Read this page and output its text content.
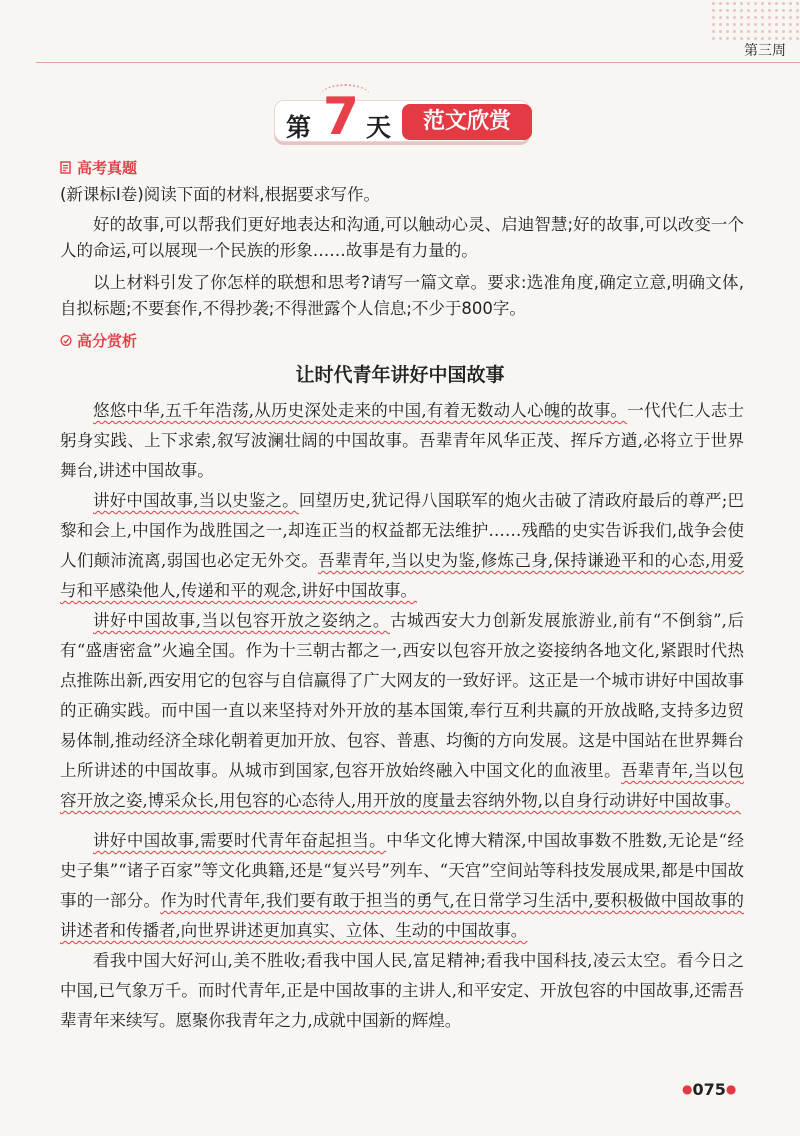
第三周
第 7 天	范文欣赏
高考真题
(新课标Ⅰ卷)阅读下面的材料,根据要求写作。
好的故事,可以帮我们更好地表达和沟通,可以触动心灵、启迪智慧;好的故事,可以改变一个人的命运,可以展现一个民族的形象……故事是有力量的。
以上材料引发了你怎样的联想和思考?请写一篇文章。要求:选准角度,确定立意,明确文体,自拟标题;不要套作,不得抄袭;不得泄露个人信息;不少于800字。
高分赏析
让时代青年讲好中国故事
悠悠中华,五千年浩荡,从历史深处走来的中国,有着无数动人心魄的故事。一代代仁人志士躬身实践、上下求索,叙写波澜壮阔的中国故事。吾辈青年风华正茂、挥斥方遒,必将立于世界舞台,讲述中国故事。
讲好中国故事,当以史鉴之。回望历史,犹记得八国联军的炮火击破了清政府最后的尊严;巴黎和会上,中国作为战胜国之一,却连正当的权益都无法维护……残酷的史实告诉我们,战争会使人们颠沛流离,弱国也必定无外交。吾辈青年,当以史为鉴,修炼己身,保持谦逊平和的心态,用爱与和平感染他人,传递和平的观念,讲好中国故事。
讲好中国故事,当以包容开放之姿纳之。古城西安大力创新发展旅游业,前有“不倒翁”,后有“盛唐密盒”火遍全国。作为十三朝古都之一,西安以包容开放之姿接纳各地文化,紧跟时代热点推陈出新,西安用它的包容与自信赢得了广大网友的一致好评。这正是一个城市讲好中国故事的正确实践。而中国一直以来坚持对外开放的基本国策,奉行互利共赢的开放战略,支持多边贸易体制,推动经济全球化朝着更加开放、包容、普惠、均衡的方向发展。这是中国站在世界舞台上所讲述的中国故事。从城市到国家,包容开放始终融入中国文化的血液里。吾辈青年,当以包容开放之姿,博采众长,用包容的心态待人,用开放的度量去容纳外物,以自身行动讲好中国故事。
讲好中国故事,需要时代青年奋起担当。中华文化博大精深,中国故事数不胜数,无论是“经史子集”“诸子百家”等文化典籍,还是“复兴号”列车、“天宫”空间站等科技发展成果,都是中国故事的一部分。作为时代青年,我们要有敢于担当的勇气,在日常学习生活中,要积极做中国故事的讲述者和传播者,向世界讲述更加真实、立体、生动的中国故事。
看我中国大好河山,美不胜收;看我中国人民,富足精神;看我中国科技,凌云太空。看今日之中国,已气象万千。而时代青年,正是中国故事的主讲人,和平安定、开放包容的中国故事,还需吾辈青年来续写。愿聚你我青年之力,成就中国新的辉煌。
●075●
